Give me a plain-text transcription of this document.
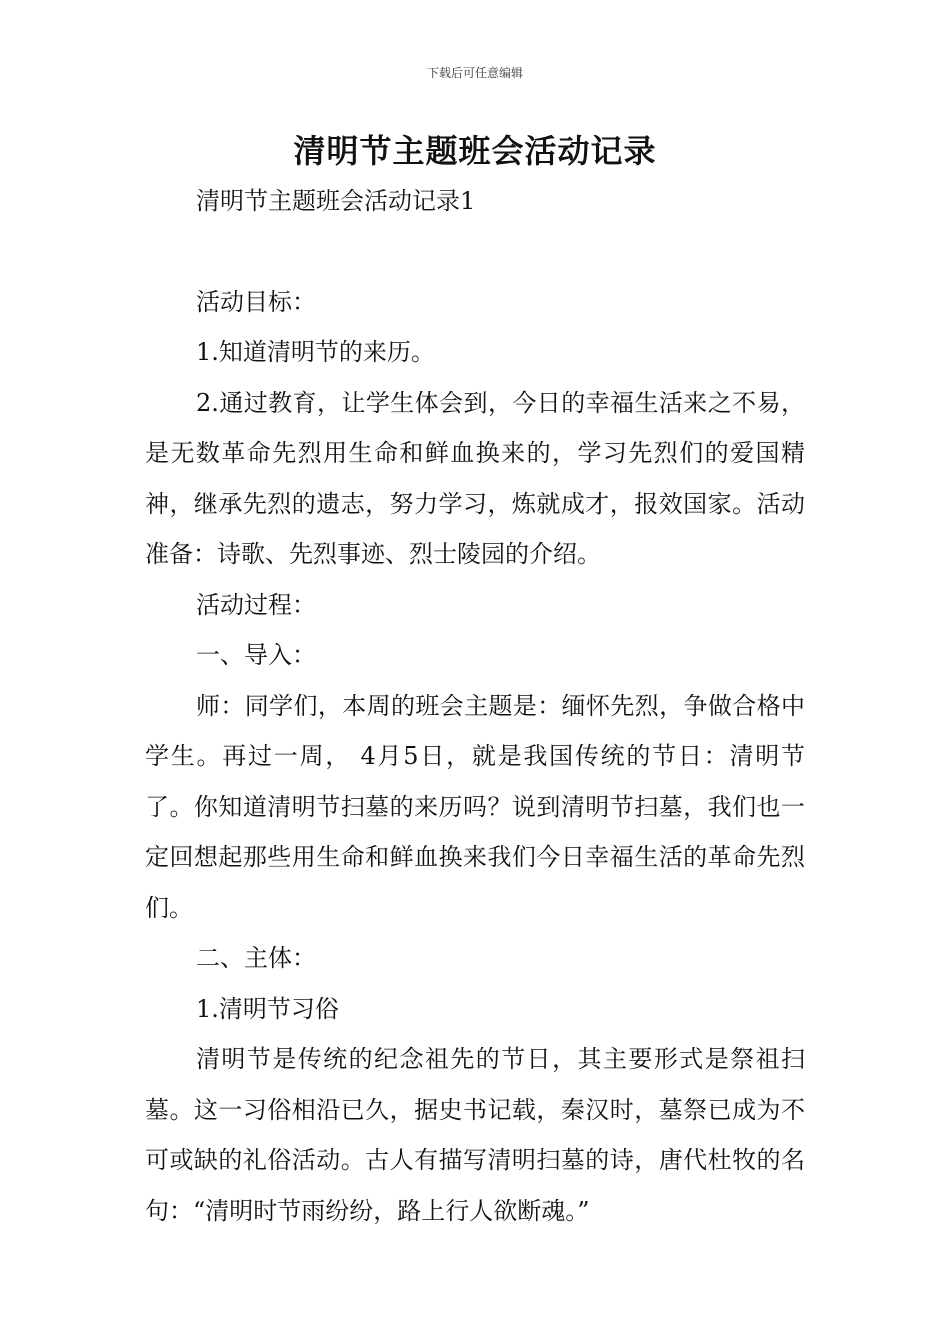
下载后可任意编辑
清明节主题班会活动记录

清明节主题班会活动记录1

活动目标：

1.知道清明节的来历。

2.通过教育，让学生体会到，今日的幸福生活来之不易，是无数革命先烈用生命和鲜血换来的，学习先烈们的爱国精神，继承先烈的遗志，努力学习，炼就成才，报效国家。活动准备：诗歌、先烈事迹、烈士陵园的介绍。

活动过程：

一、导入：

师：同学们，本周的班会主题是：缅怀先烈，争做合格中学生。再过一周， 4月5日，就是我国传统的节日：清明节了。你知道清明节扫墓的来历吗？说到清明节扫墓，我们也一定回想起那些用生命和鲜血换来我们今日幸福生活的革命先烈们。

二、主体：

1.清明节习俗

清明节是传统的纪念祖先的节日，其主要形式是祭祖扫墓。这一习俗相沿已久，据史书记载，秦汉时，墓祭已成为不可或缺的礼俗活动。古人有描写清明扫墓的诗，唐代杜牧的名句：“清明时节雨纷纷，路上行人欲断魂。”
